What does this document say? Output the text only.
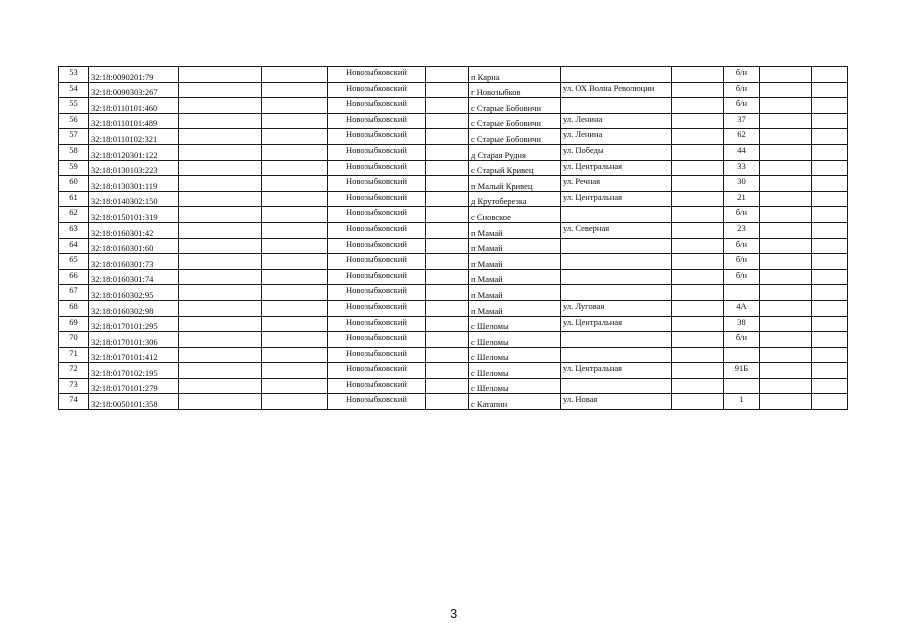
53	32:18:0090201:79			Новозыбковский		п Карна			б/н		
54	32:18:0090303:267			Новозыбковский		г Новозыбков	ул. ОХ Волна Революции		б/н		
55	32:18:0110101:460			Новозыбковский		с Старые Бобовичи			б/н		
56	32:18:0110101:489			Новозыбковский		с Старые Бобовичи	ул. Ленина		37		
57	32:18:0110102:321			Новозыбковский		с Старые Бобовичи	ул. Ленина		62		
58	32:18:0120301:122			Новозыбковский		д Старая Рудня	ул. Победы		44		
59	32:18:0130103:223			Новозыбковский		с Старый Кривец	ул. Центральная		33		
60	32:18:0130301:119			Новозыбковский		п Малый Кривец	ул. Речная		30		
61	32:18:0140302:150			Новозыбковский		д Крутоберезка	ул. Центральная		21		
62	32:18:0150101:319			Новозыбковский		с Сновское			б/н		
63	32:18:0160301:42			Новозыбковский		п Мамай	ул. Северная		23		
64	32:18:0160301:60			Новозыбковский		п Мамай			б/н		
65	32:18:0160301:73			Новозыбковский		п Мамай			б/н		
66	32:18:0160301:74			Новозыбковский		п Мамай			б/н		
67	32:18:0160302:95			Новозыбковский		п Мамай					
68	32:18:0160302:98			Новозыбковский		п Мамай	ул. Луговая		4А		
69	32:18:0170101:295			Новозыбковский		с Шеломы	ул. Центральная		38		
70	32:18:0170101:306			Новозыбковский		с Шеломы			б/н		
71	32:18:0170101:412			Новозыбковский		с Шеломы					
72	32:18:0170102:195			Новозыбковский		с Шеломы	ул. Центральная		91Б		
73	32:18:0170101:279			Новозыбковский		с Шеломы					
74	32:18:0050101:358			Новозыбковский		с Катапин	ул. Новая		1		
3
